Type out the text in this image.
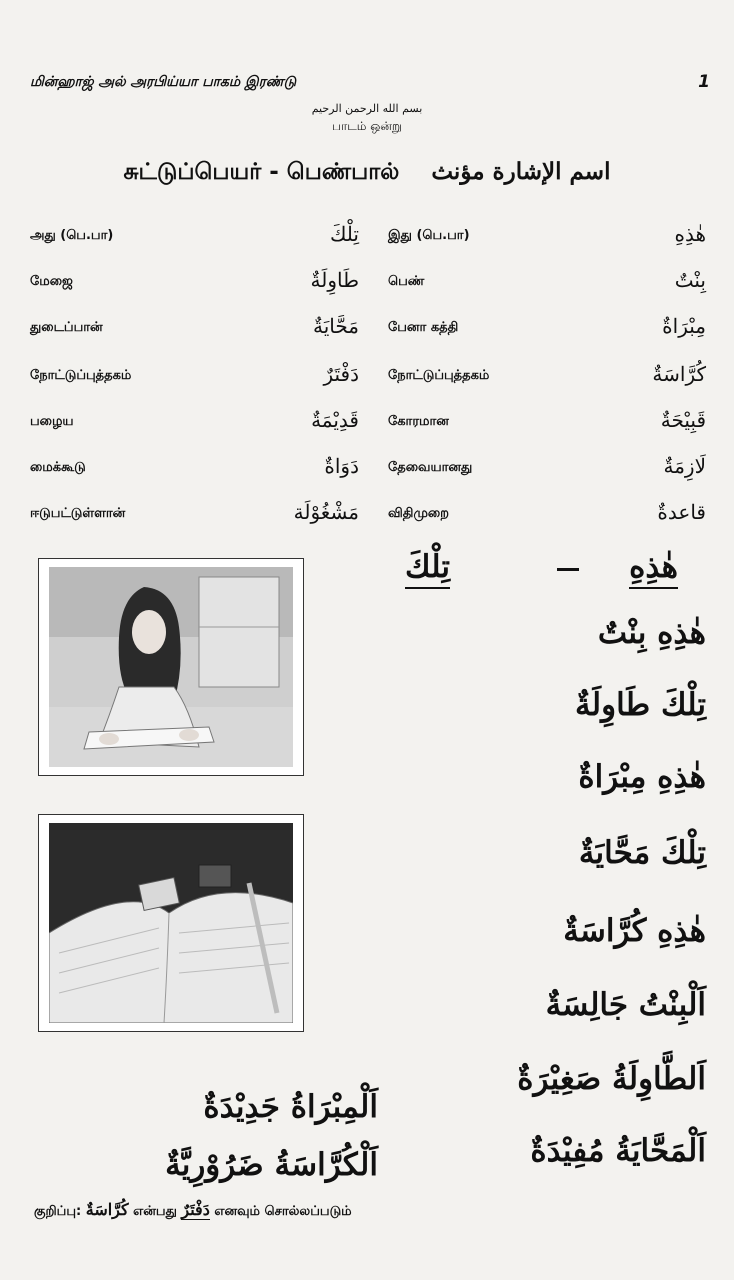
மின்ஹாஜ் அல் அரபிய்யா பாகம் இரண்டு	1
بسم الله الرحمن الرحيم
பாடம் ஒன்று
சுட்டுப்பெயர் - பெண்பால் اسم الإشارة مؤنث
அது (பெ.பா)	تِلْكَ இது (பெ.பா)	هٰذِهِ
மேஜை	طَاوِلَةٌ பெண்	بِنْتٌ
துடைப்பான்	مَحَّايَةٌ பேனா கத்தி	مِبْرَاةٌ
நோட்டுப்புத்தகம்	دَفْتَرٌ நோட்டுப்புத்தகம்	كُرَّاسَةٌ
பழைய	قَدِيْمَةٌ கோரமான	قَبِيْحَةٌ
மைக்கூடு	دَوَاةٌ தேவையானது	لَازِمَةٌ
ஈடுபட்டுள்ளான்	مَشْغُوْلَة விதிமுறை	قاعدةٌ
هٰذِهِ
تِلْكَ
هٰذِهِ بِنْتٌ
تِلْكَ طَاوِلَةٌ
هٰذِهِ مِبْرَاةٌ
تِلْكَ مَحَّايَةٌ
هٰذِهِ كُرَّاسَةٌ
اَلْبِنْتُ جَالِسَةٌ
اَلطَّاوِلَةُ صَغِيْرَةٌ
اَلْمَحَّايَةُ مُفِيْدَةٌ
اَلْمِبْرَاةُ جَدِيْدَةٌ
اَلْكُرَّاسَةُ ضَرُوْرِيَّةٌ
குறிப்பு: كُرَّاسَةٌ என்பது دَفْتَرٌ எனவும் சொல்லப்படும்
